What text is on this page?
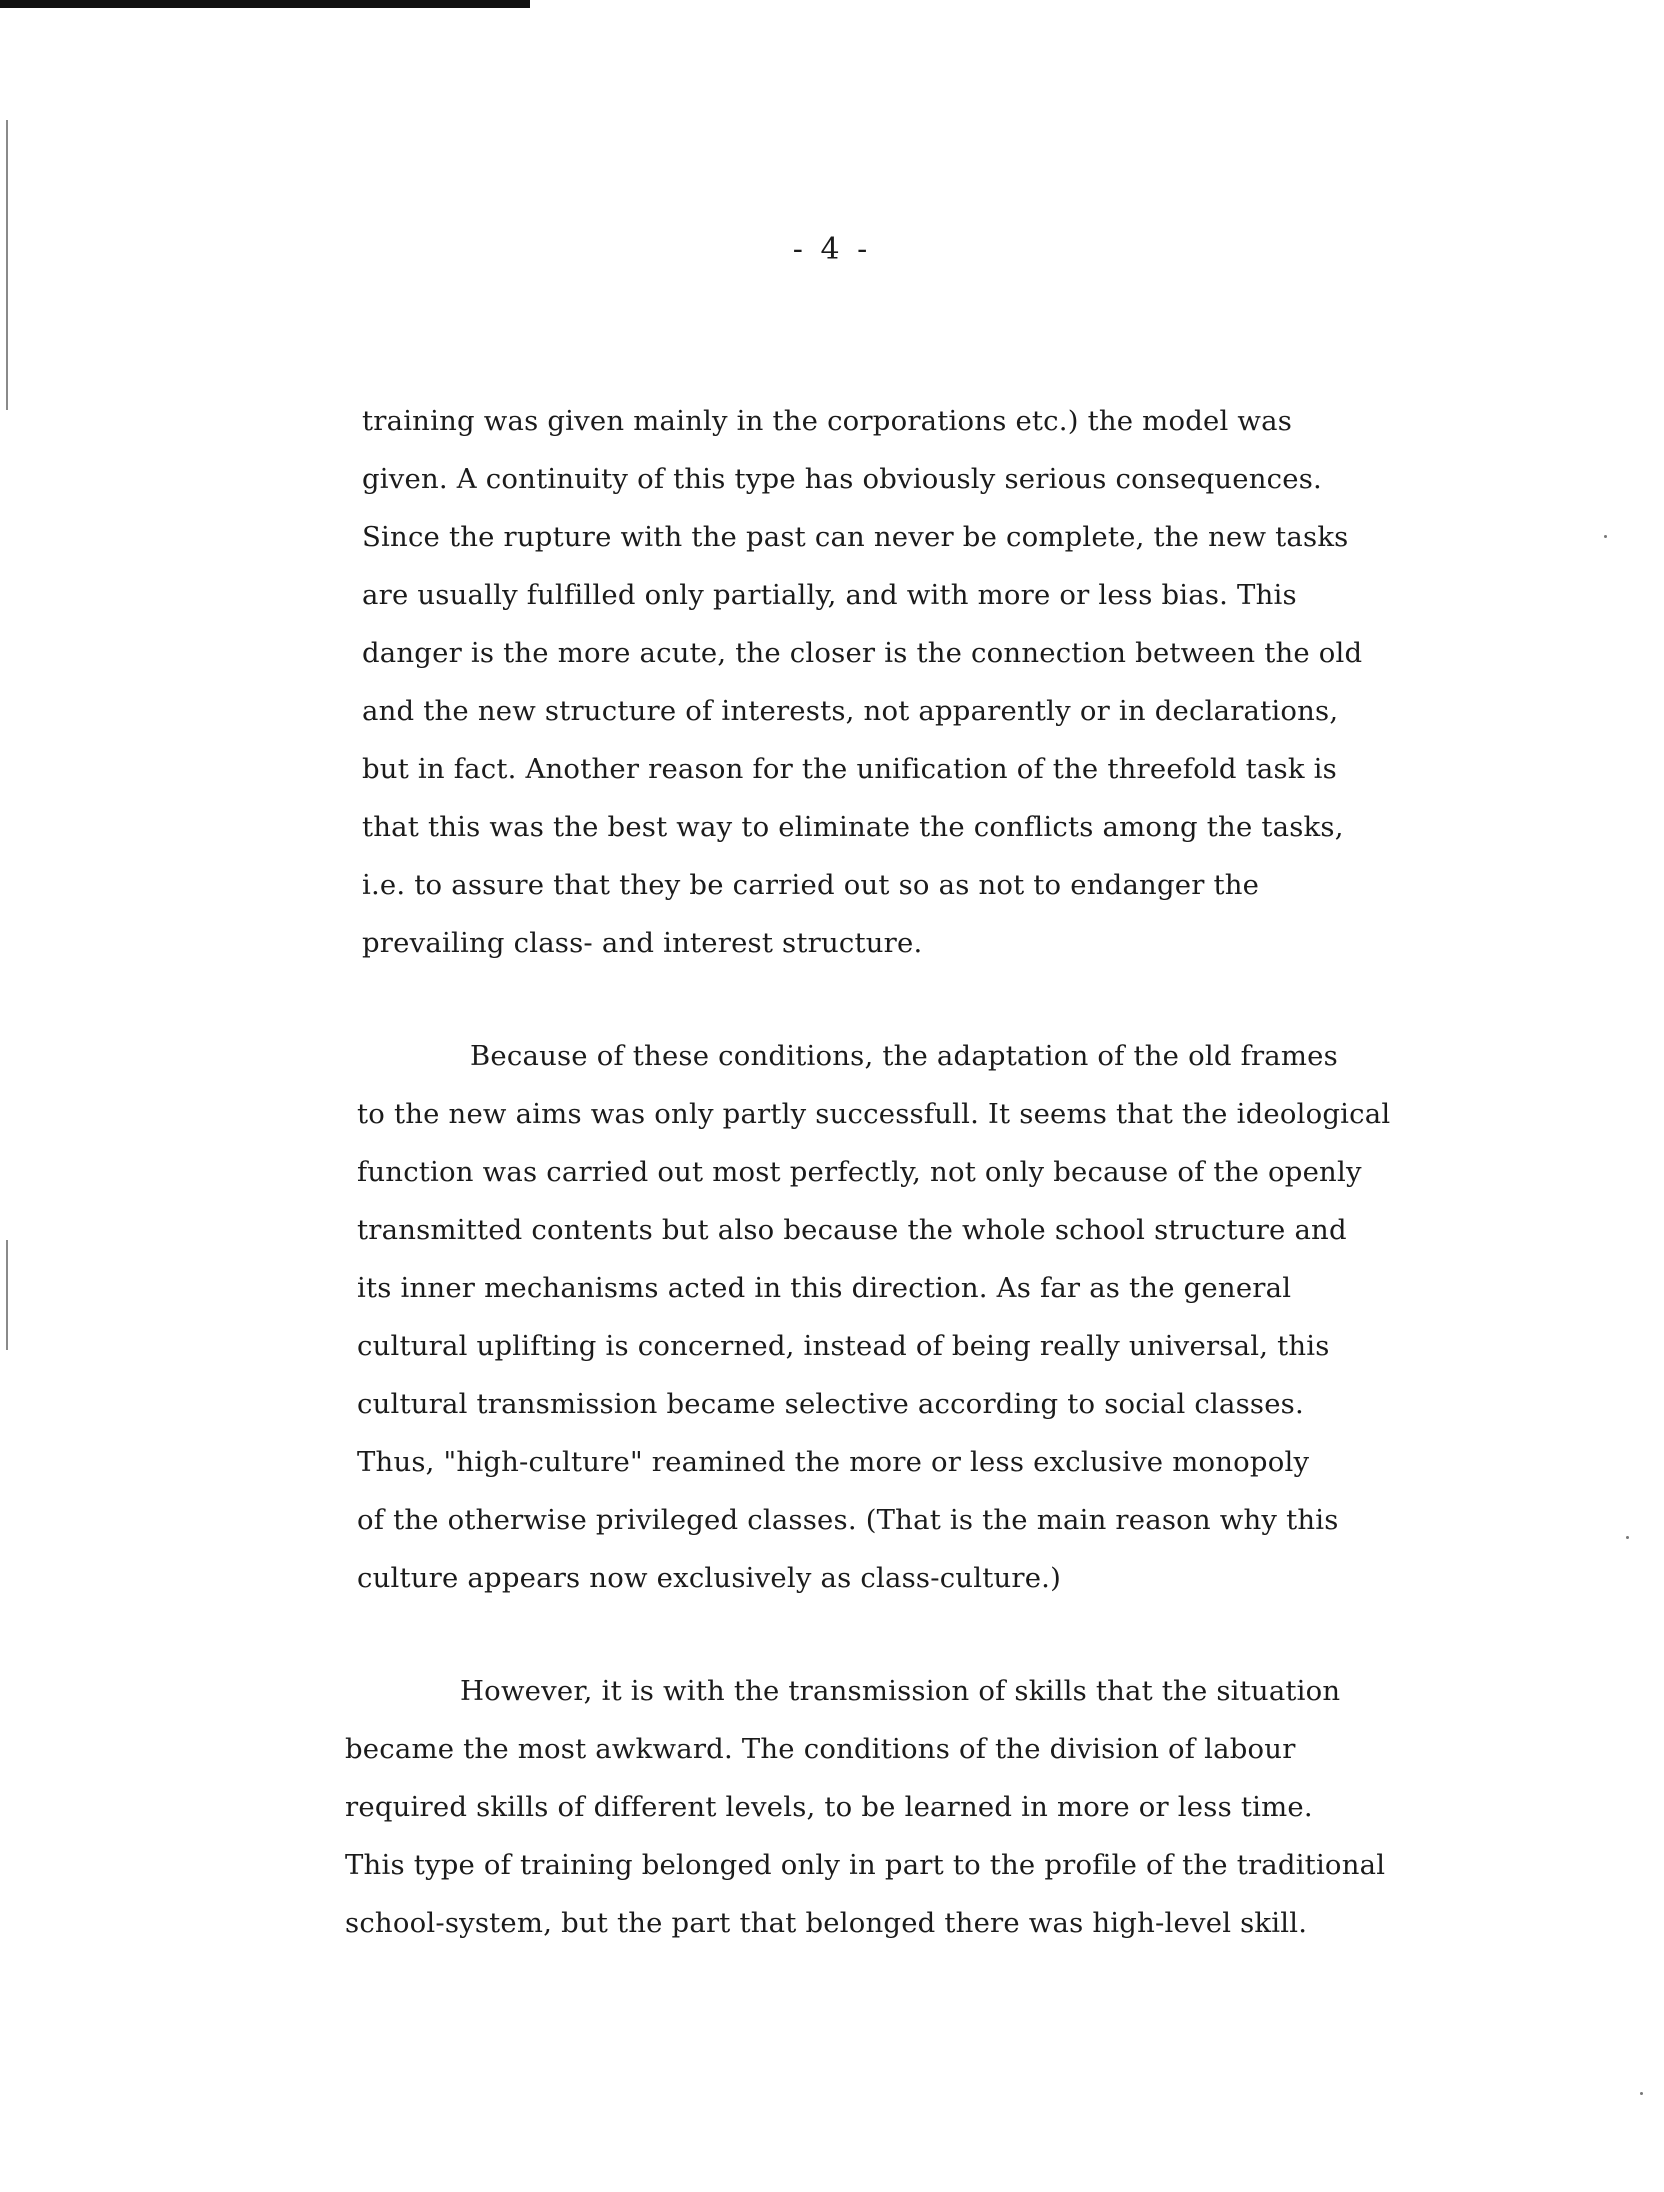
- 4 -
training was given mainly in the corporations etc.) the model was
given. A continuity of this type has obviously serious consequences.
Since the rupture with the past can never be complete, the new tasks
are usually fulfilled only partially, and with more or less bias. This
danger is the more acute, the closer is the connection between the old
and the new structure of interests, not apparently or in declarations,
but in fact. Another reason for the unification of the threefold task is
that this was the best way to eliminate the conflicts among the tasks,
i.e. to assure that they be carried out so as not to endanger the
prevailing class- and interest structure.
Because of these conditions, the adaptation of the old frames
to the new aims was only partly successfull. It seems that the ideological
function was carried out most perfectly, not only because of the openly
transmitted contents but also because the whole school structure and
its inner mechanisms acted in this direction. As far as the general
cultural uplifting is concerned, instead of being really universal, this
cultural transmission became selective according to social classes.
Thus, "high-culture" reamined the more or less exclusive monopoly
of the otherwise privileged classes. (That is the main reason why this
culture appears now exclusively as class-culture.)
However, it is with the transmission of skills that the situation
became the most awkward. The conditions of the division of labour
required skills of different levels, to be learned in more or less time.
This type of training belonged only in part to the profile of the traditional
school-system, but the part that belonged there was high-level skill.
